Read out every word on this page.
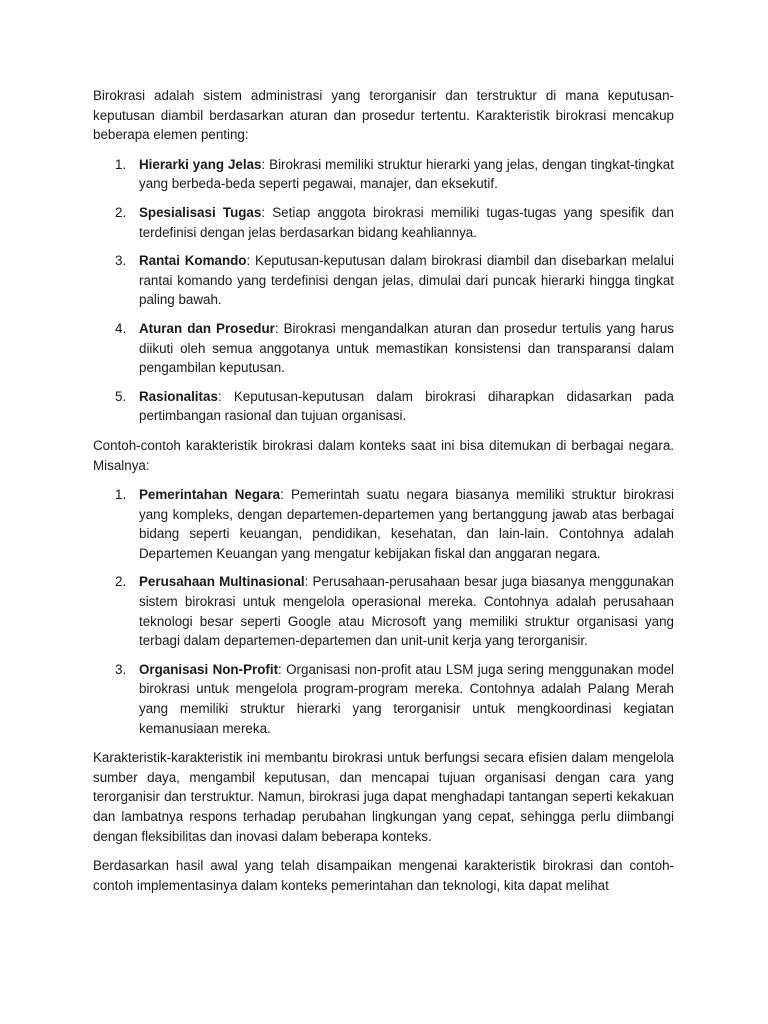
Birokrasi adalah sistem administrasi yang terorganisir dan terstruktur di mana keputusan-keputusan diambil berdasarkan aturan dan prosedur tertentu. Karakteristik birokrasi mencakup beberapa elemen penting:

1. Hierarki yang Jelas: Birokrasi memiliki struktur hierarki yang jelas, dengan tingkat-tingkat yang berbeda-beda seperti pegawai, manajer, dan eksekutif.
2. Spesialisasi Tugas: Setiap anggota birokrasi memiliki tugas-tugas yang spesifik dan terdefinisi dengan jelas berdasarkan bidang keahliannya.
3. Rantai Komando: Keputusan-keputusan dalam birokrasi diambil dan disebarkan melalui rantai komando yang terdefinisi dengan jelas, dimulai dari puncak hierarki hingga tingkat paling bawah.
4. Aturan dan Prosedur: Birokrasi mengandalkan aturan dan prosedur tertulis yang harus diikuti oleh semua anggotanya untuk memastikan konsistensi dan transparansi dalam pengambilan keputusan.
5. Rasionalitas: Keputusan-keputusan dalam birokrasi diharapkan didasarkan pada pertimbangan rasional dan tujuan organisasi.

Contoh-contoh karakteristik birokrasi dalam konteks saat ini bisa ditemukan di berbagai negara. Misalnya:

1. Pemerintahan Negara: Pemerintah suatu negara biasanya memiliki struktur birokrasi yang kompleks, dengan departemen-departemen yang bertanggung jawab atas berbagai bidang seperti keuangan, pendidikan, kesehatan, dan lain-lain. Contohnya adalah Departemen Keuangan yang mengatur kebijakan fiskal dan anggaran negara.
2. Perusahaan Multinasional: Perusahaan-perusahaan besar juga biasanya menggunakan sistem birokrasi untuk mengelola operasional mereka. Contohnya adalah perusahaan teknologi besar seperti Google atau Microsoft yang memiliki struktur organisasi yang terbagi dalam departemen-departemen dan unit-unit kerja yang terorganisir.
3. Organisasi Non-Profit: Organisasi non-profit atau LSM juga sering menggunakan model birokrasi untuk mengelola program-program mereka. Contohnya adalah Palang Merah yang memiliki struktur hierarki yang terorganisir untuk mengkoordinasi kegiatan kemanusiaan mereka.

Karakteristik-karakteristik ini membantu birokrasi untuk berfungsi secara efisien dalam mengelola sumber daya, mengambil keputusan, dan mencapai tujuan organisasi dengan cara yang terorganisir dan terstruktur. Namun, birokrasi juga dapat menghadapi tantangan seperti kekakuan dan lambatnya respons terhadap perubahan lingkungan yang cepat, sehingga perlu diimbangi dengan fleksibilitas dan inovasi dalam beberapa konteks.

Berdasarkan hasil awal yang telah disampaikan mengenai karakteristik birokrasi dan contoh-contoh implementasinya dalam konteks pemerintahan dan teknologi, kita dapat melihat
